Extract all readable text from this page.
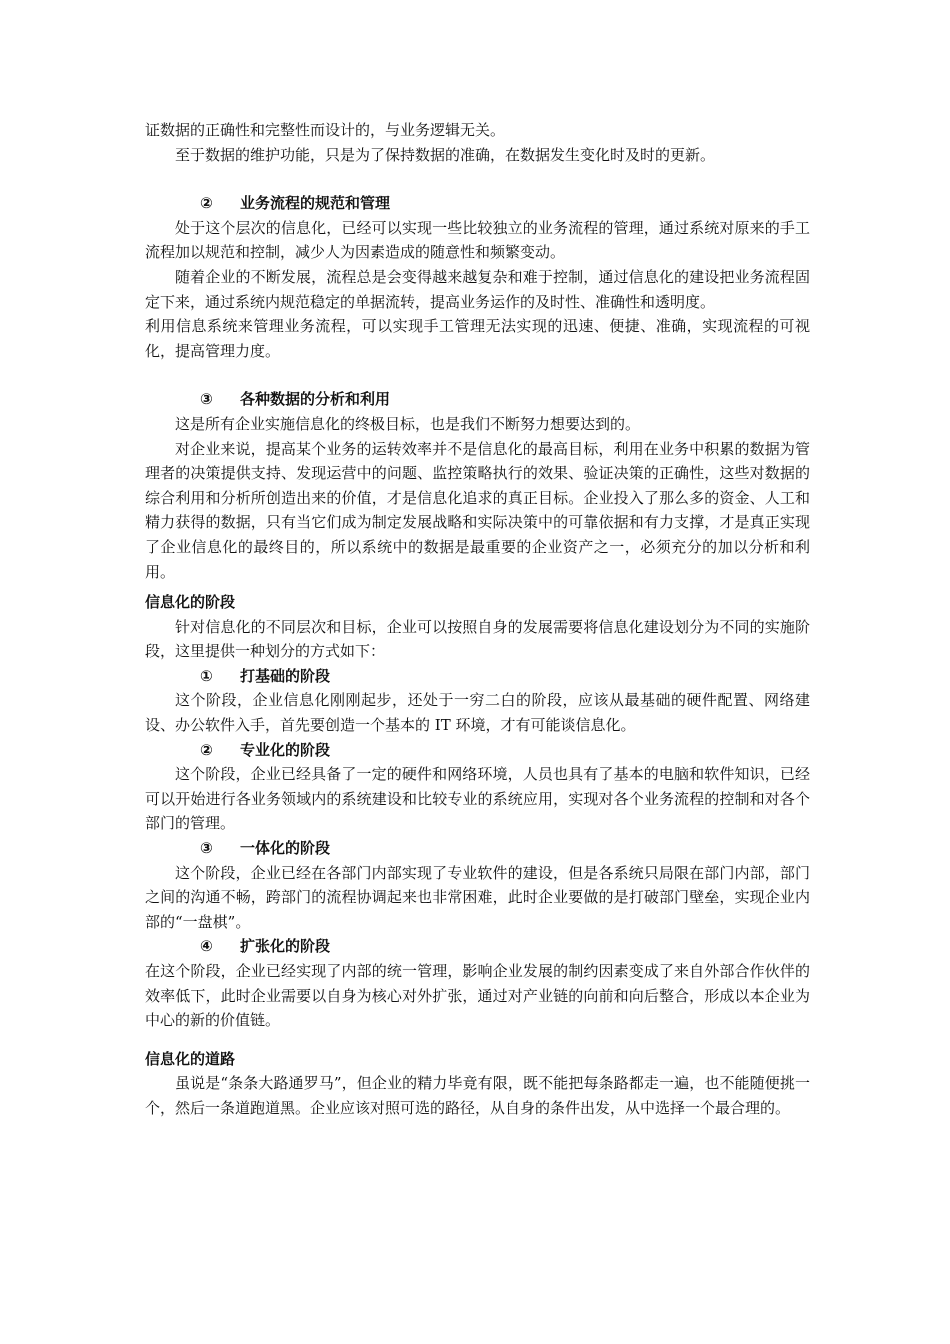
证数据的正确性和完整性而设计的，与业务逻辑无关。

至于数据的维护功能，只是为了保持数据的准确，在数据发生变化时及时的更新。

② 业务流程的规范和管理

处于这个层次的信息化，已经可以实现一些比较独立的业务流程的管理，通过系统对原来的手工流程加以规范和控制，减少人为因素造成的随意性和频繁变动。

随着企业的不断发展，流程总是会变得越来越复杂和难于控制，通过信息化的建设把业务流程固定下来，通过系统内规范稳定的单据流转，提高业务运作的及时性、准确性和透明度。

利用信息系统来管理业务流程，可以实现手工管理无法实现的迅速、便捷、准确，实现流程的可视化，提高管理力度。

③ 各种数据的分析和利用

这是所有企业实施信息化的终极目标，也是我们不断努力想要达到的。

对企业来说，提高某个业务的运转效率并不是信息化的最高目标，利用在业务中积累的数据为管理者的决策提供支持、发现运营中的问题、监控策略执行的效果、验证决策的正确性，这些对数据的综合利用和分析所创造出来的价值，才是信息化追求的真正目标。企业投入了那么多的资金、人工和精力获得的数据，只有当它们成为制定发展战略和实际决策中的可靠依据和有力支撑，才是真正实现了企业信息化的最终目的，所以系统中的数据是最重要的企业资产之一，必须充分的加以分析和利用。

信息化的阶段

针对信息化的不同层次和目标，企业可以按照自身的发展需要将信息化建设划分为不同的实施阶段，这里提供一种划分的方式如下：

① 打基础的阶段

这个阶段，企业信息化刚刚起步，还处于一穷二白的阶段，应该从最基础的硬件配置、网络建设、办公软件入手，首先要创造一个基本的 IT 环境，才有可能谈信息化。

② 专业化的阶段

这个阶段，企业已经具备了一定的硬件和网络环境，人员也具有了基本的电脑和软件知识，已经可以开始进行各业务领域内的系统建设和比较专业的系统应用，实现对各个业务流程的控制和对各个部门的管理。

③ 一体化的阶段

这个阶段，企业已经在各部门内部实现了专业软件的建设，但是各系统只局限在部门内部，部门之间的沟通不畅，跨部门的流程协调起来也非常困难，此时企业要做的是打破部门壁垒，实现企业内部的“一盘棋”。

④ 扩张化的阶段

在这个阶段，企业已经实现了内部的统一管理，影响企业发展的制约因素变成了来自外部合作伙伴的效率低下，此时企业需要以自身为核心对外扩张，通过对产业链的向前和向后整合，形成以本企业为中心的新的价值链。

信息化的道路

虽说是“条条大路通罗马”，但企业的精力毕竟有限，既不能把每条路都走一遍，也不能随便挑一个，然后一条道跑道黑。企业应该对照可选的路径，从自身的条件出发，从中选择一个最合理的。
